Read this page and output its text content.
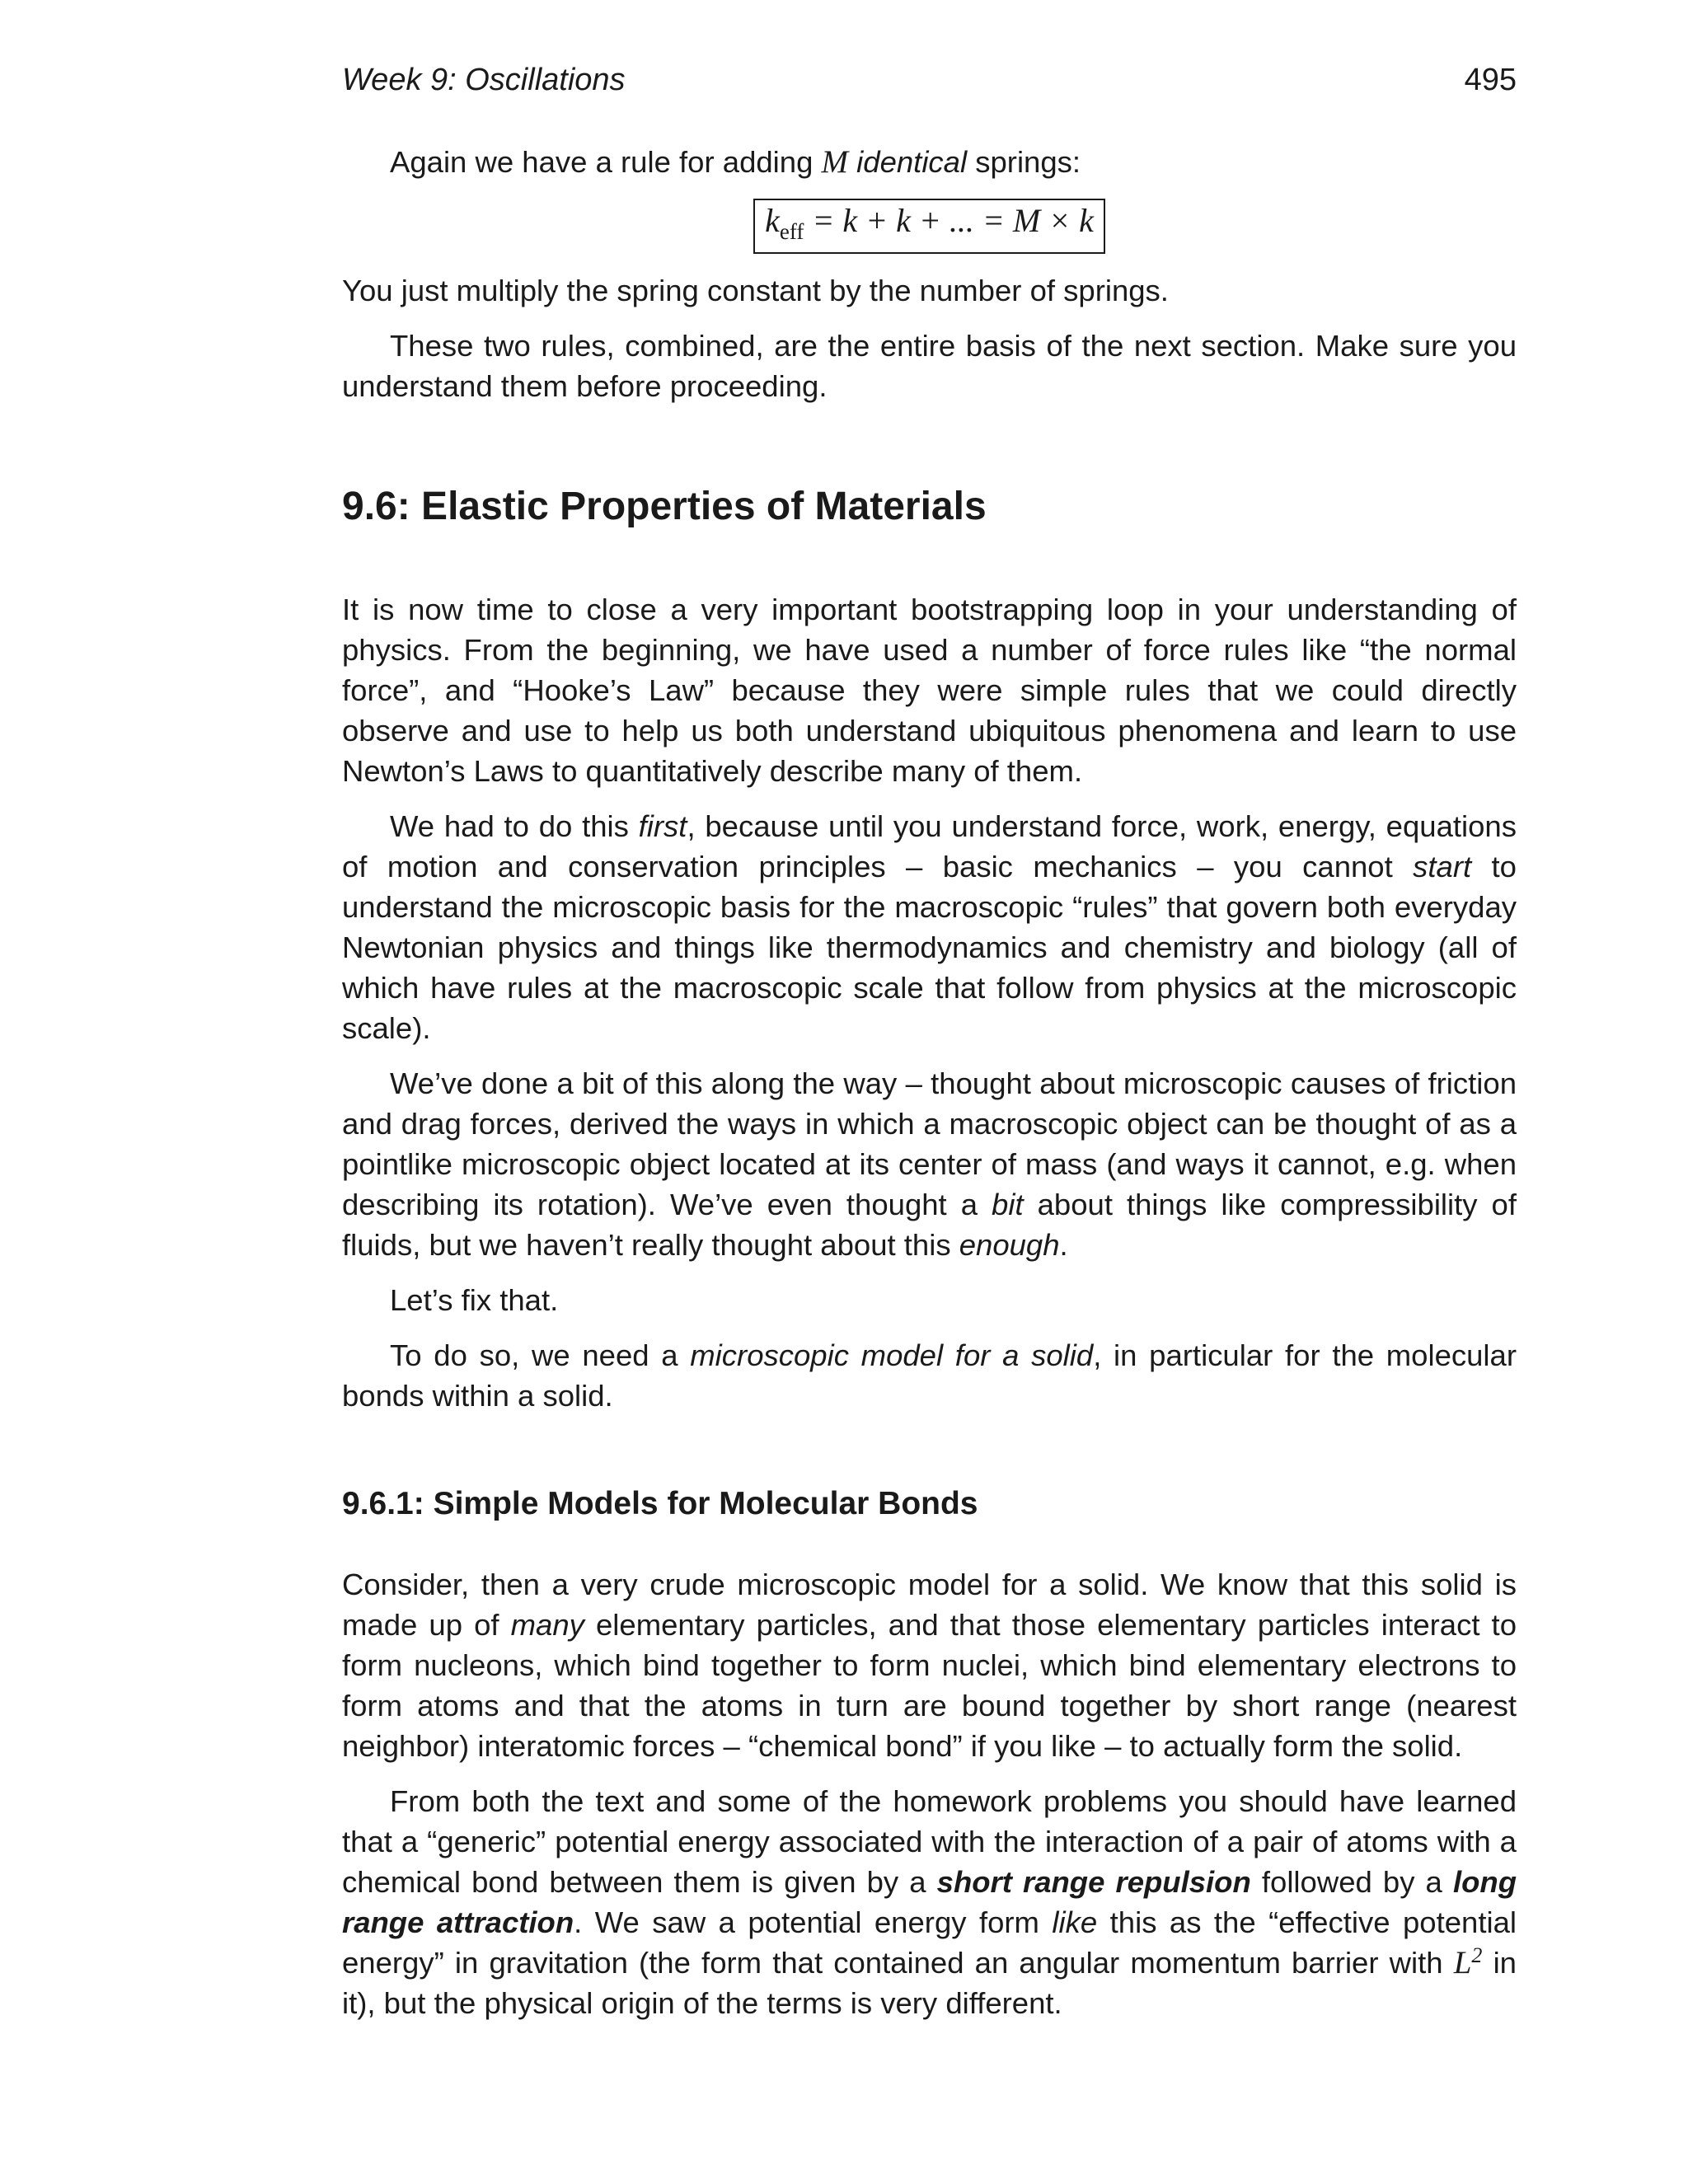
Week 9: Oscillations	495

Again we have a rule for adding M identical springs:

$k_{eff} = k + k$ + ... = M × k

You just multiply the spring constant by the number of springs.

These two rules, combined, are the entire basis of the next section. Make sure you understand them before proceeding.

9.6: Elastic Properties of Materials

It is now time to close a very important bootstrapping loop in your understanding of physics. From the beginning, we have used a number of force rules like “the normal force”, and “Hooke’s Law” because they were simple rules that we could directly observe and use to help us both understand ubiquitous phenomena and learn to use Newton’s Laws to quantitatively describe many of them.

We had to do this first, because until you understand force, work, energy, equations of motion and conservation principles – basic mechanics – you cannot start to understand the microscopic basis for the macroscopic “rules” that govern both everyday Newtonian physics and things like thermodynamics and chemistry and biology (all of which have rules at the macroscopic scale that follow from physics at the microscopic scale).

We’ve done a bit of this along the way – thought about microscopic causes of friction and drag forces, derived the ways in which a macroscopic object can be thought of as a pointlike microscopic object located at its center of mass (and ways it cannot, e.g. when describing its rotation). We’ve even thought a bit about things like compressibility of fluids, but we haven’t really thought about this enough.

Let’s fix that.

To do so, we need a microscopic model for a solid, in particular for the molecular bonds within a solid.

9.6.1: Simple Models for Molecular Bonds

Consider, then a very crude microscopic model for a solid. We know that this solid is made up of many elementary particles, and that those elementary particles interact to form nucleons, which bind together to form nuclei, which bind elementary electrons to form atoms and that the atoms in turn are bound together by short range (nearest neighbor) interatomic forces – “chemical bond” if you like – to actually form the solid.

From both the text and some of the homework problems you should have learned that a “generic” potential energy associated with the interaction of a pair of atoms with a chemical bond between them is given by a short range repulsion followed by a long range attraction. We saw a potential energy form like this as the “effective potential energy” in gravitation (the form that contained an angular momentum barrier with $L^2$ in it), but the physical origin of the terms is very different.
